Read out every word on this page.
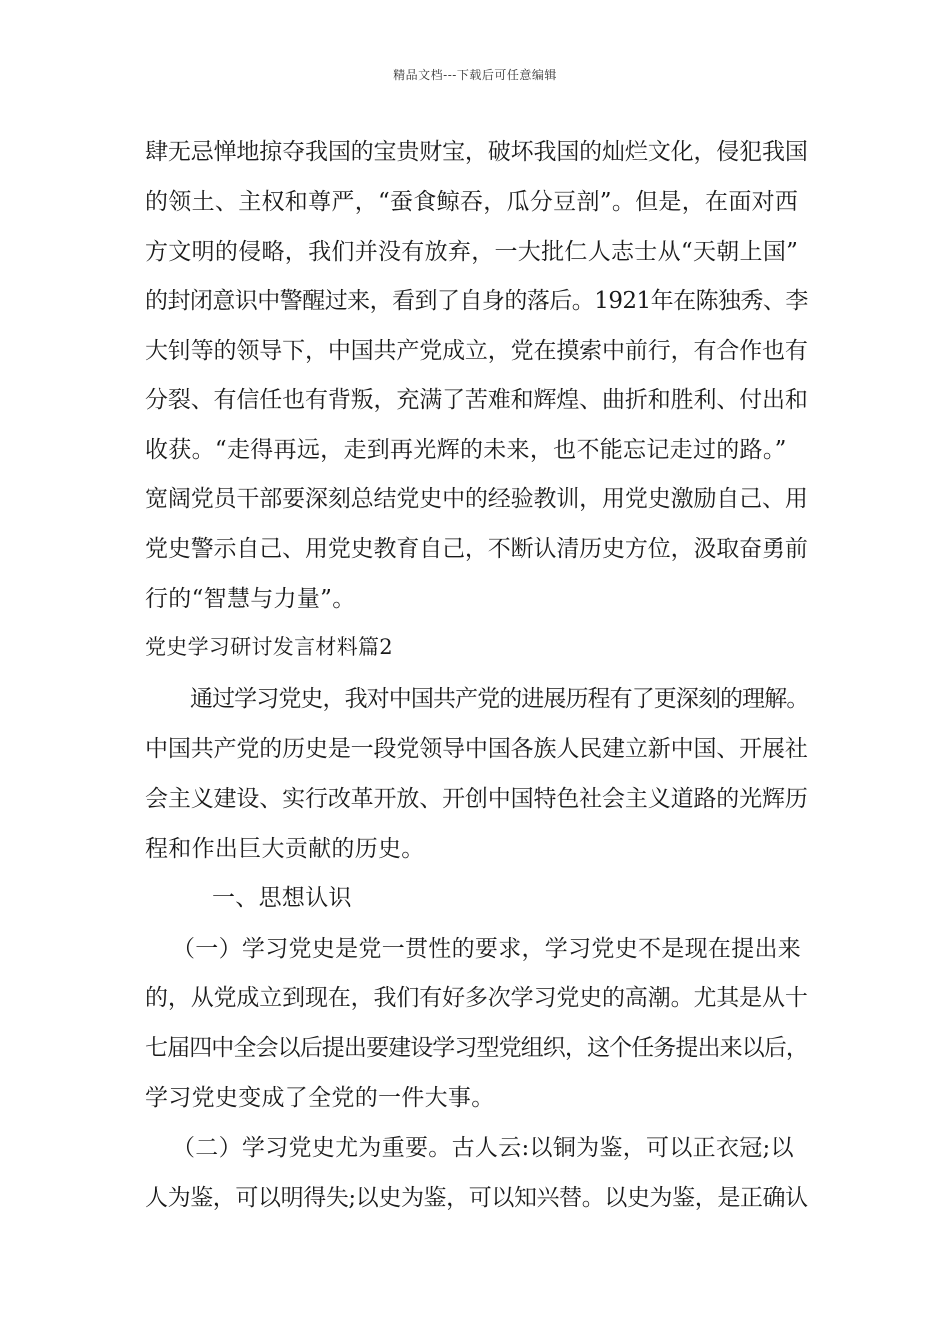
精品文档---下载后可任意编辑
肆无忌惮地掠夺我国的宝贵财宝，破坏我国的灿烂文化，侵犯我国
的领土、主权和尊严，“蚕食鲸吞，瓜分豆剖”。但是，在面对西
方文明的侵略，我们并没有放弃，一大批仁人志士从“天朝上国”
的封闭意识中警醒过来，看到了自身的落后。1921年在陈独秀、李
大钊等的领导下，中国共产党成立，党在摸索中前行，有合作也有
分裂、有信任也有背叛，充满了苦难和辉煌、曲折和胜利、付出和
收获。“走得再远，走到再光辉的未来，也不能忘记走过的路。”
宽阔党员干部要深刻总结党史中的经验教训，用党史激励自己、用
党史警示自己、用党史教育自己，不断认清历史方位，汲取奋勇前
行的“智慧与力量”。
党史学习研讨发言材料篇2
通过学习党史，我对中国共产党的进展历程有了更深刻的理解。
中国共产党的历史是一段党领导中国各族人民建立新中国、开展社
会主义建设、实行改革开放、开创中国特色社会主义道路的光辉历
程和作出巨大贡献的历史。
一、思想认识
（一）学习党史是党一贯性的要求，学习党史不是现在提出来
的，从党成立到现在，我们有好多次学习党史的高潮。尤其是从十
七届四中全会以后提出要建设学习型党组织，这个任务提出来以后，
学习党史变成了全党的一件大事。
（二）学习党史尤为重要。古人云:以铜为鉴，可以正衣冠;以
人为鉴，可以明得失;以史为鉴，可以知兴替。以史为鉴，是正确认
